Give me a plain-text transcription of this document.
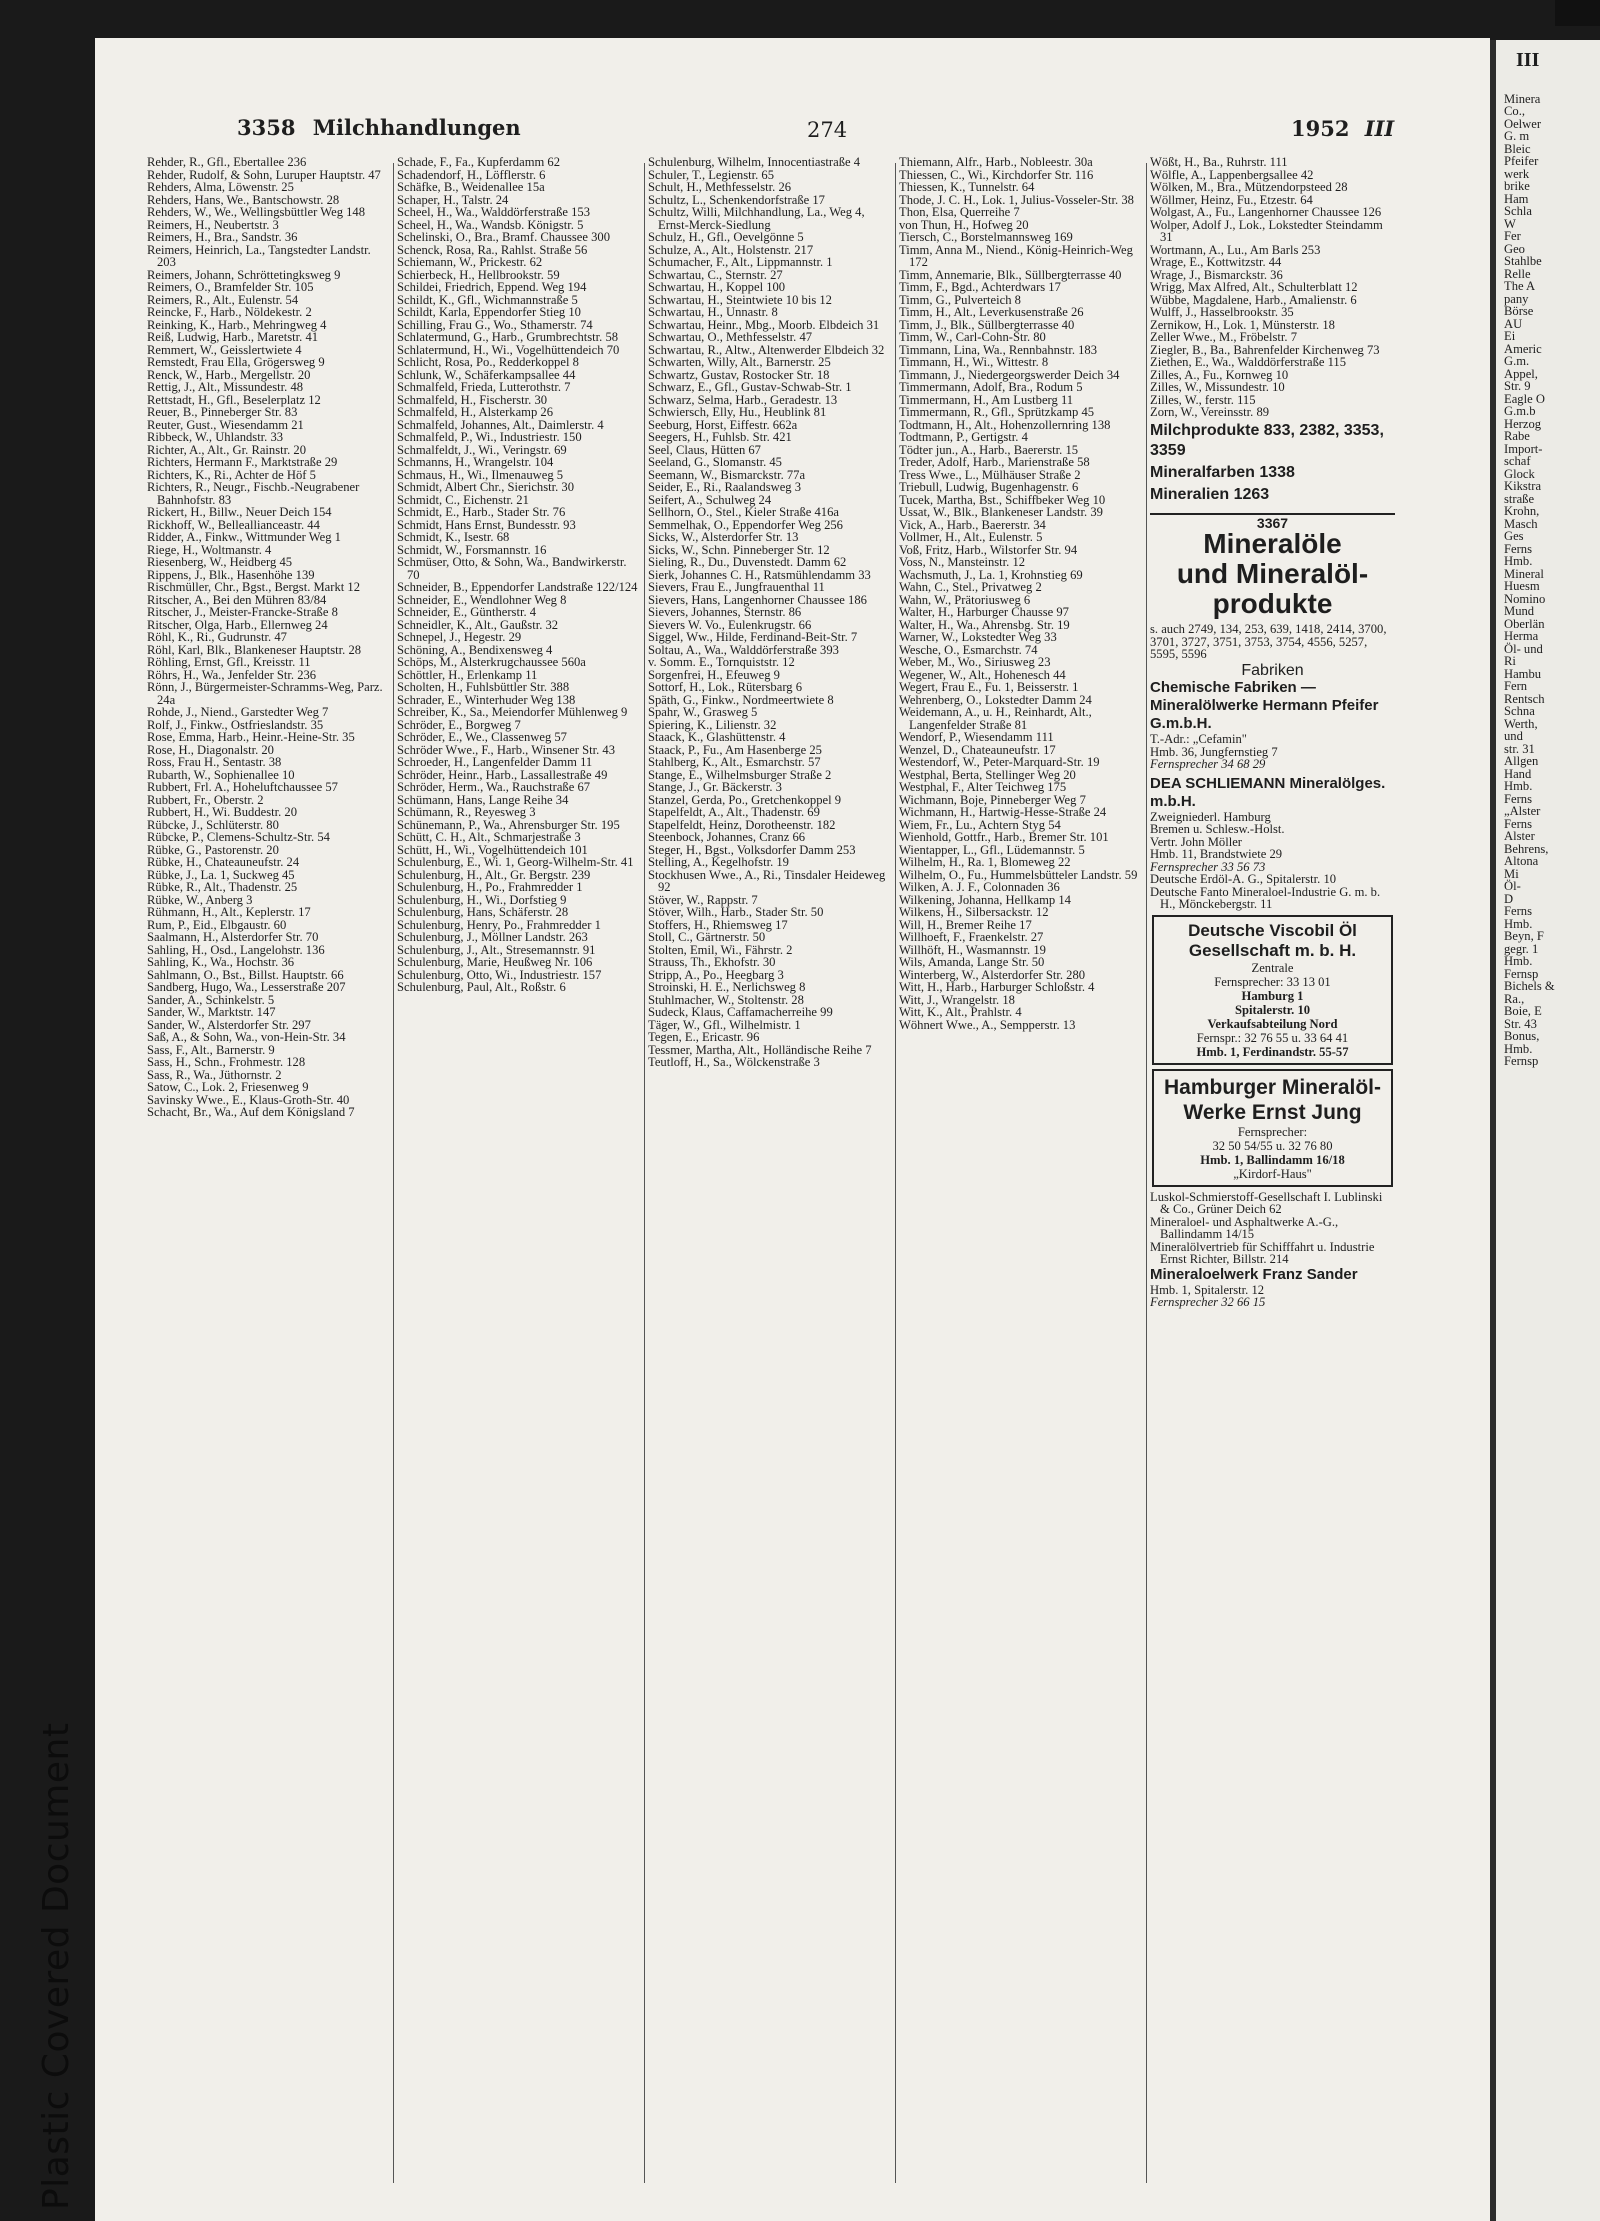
Plastic Covered Document
3358 Milchhandlungen	274	1952 III
Rehder, R., Gfl., Ebertallee 236
Rehder, Rudolf, & Sohn, Luruper Hauptstr. 47
Rehders, Alma, Löwenstr. 25
Rehders, Hans, We., Bantschowstr. 28
Rehders, W., We., Wellingsbüttler Weg 148
Reimers, H., Neubertstr. 3
Reimers, H., Bra., Sandstr. 36
Reimers, Heinrich, La., Tangstedter Landstr. 203
Reimers, Johann, Schröttetingksweg 9
Reimers, O., Bramfelder Str. 105
Reimers, R., Alt., Eulenstr. 54
Reincke, F., Harb., Nöldekestr. 2
Reinking, K., Harb., Mehringweg 4
Reiß, Ludwig, Harb., Maretstr. 41
Remmert, W., Geisslertwiete 4
Remstedt, Frau Ella, Grögersweg 9
Renck, W., Harb., Mergellstr. 20
Rettig, J., Alt., Missundestr. 48
Rettstadt, H., Gfl., Beselerplatz 12
Reuer, B., Pinneberger Str. 83
Reuter, Gust., Wiesendamm 21
Ribbeck, W., Uhlandstr. 33
Richter, A., Alt., Gr. Rainstr. 20
Richters, Hermann F., Marktstraße 29
Richters, K., Ri., Achter de Höf 5
Richters, R., Neugr., Fischb.-Neugrabener Bahnhofstr. 83
Rickert, H., Billw., Neuer Deich 154
Rickhoff, W., Belleallianceastr. 44
Ridder, A., Finkw., Wittmunder Weg 1
Riege, H., Woltmanstr. 4
Riesenberg, W., Heidberg 45
Rippens, J., Blk., Hasenhöhe 139
Rischmüller, Chr., Bgst., Bergst. Markt 12
Ritscher, A., Bei den Mühren 83/84
Ritscher, J., Meister-Francke-Straße 8
Ritscher, Olga, Harb., Ellernweg 24
Röhl, K., Ri., Gudrunstr. 47
Röhl, Karl, Blk., Blankeneser Hauptstr. 28
Röhling, Ernst, Gfl., Kreisstr. 11
Röhrs, H., Wa., Jenfelder Str. 236
Rönn, J., Bürgermeister-Schramms-Weg, Parz. 24a
Rohde, J., Niend., Garstedter Weg 7
Rolf, J., Finkw., Ostfrieslandstr. 35
Rose, Emma, Harb., Heinr.-Heine-Str. 35
Rose, H., Diagonalstr. 20
Ross, Frau H., Sentastr. 38
Rubarth, W., Sophienallee 10
Rubbert, Frl. A., Hoheluftchaussee 57
Rubbert, Fr., Oberstr. 2
Rubbert, H., Wi. Buddestr. 20
Rübcke, J., Schlüterstr. 80
Rübcke, P., Clemens-Schultz-Str. 54
Rübke, G., Pastorenstr. 20
Rübke, H., Chateauneufstr. 24
Rübke, J., La. 1, Suckweg 45
Rübke, R., Alt., Thadenstr. 25
Rübke, W., Anberg 3
Rühmann, H., Alt., Keplerstr. 17
Rum, P., Eid., Elbgaustr. 60
Saalmann, H., Alsterdorfer Str. 70
Sahling, H., Osd., Langelohstr. 136
Sahling, K., Wa., Hochstr. 36
Sahlmann, O., Bst., Billst. Hauptstr. 66
Sandberg, Hugo, Wa., Lesserstraße 207
Sander, A., Schinkelstr. 5
Sander, W., Marktstr. 147
Sander, W., Alsterdorfer Str. 297
Saß, A., & Sohn, Wa., von-Hein-Str. 34
Sass, F., Alt., Barnerstr. 9
Sass, H., Schn., Frohmestr. 128
Sass, R., Wa., Jüthornstr. 2
Satow, C., Lok. 2, Friesenweg 9
Savinsky Wwe., E., Klaus-Groth-Str. 40
Schacht, Br., Wa., Auf dem Königsland 7
Schade, F., Fa., Kupferdamm 62
Schadendorf, H., Löfflerstr. 6
Schäfke, B., Weidenallee 15a
Schaper, H., Talstr. 24
Scheel, H., Wa., Walddörferstraße 153
Scheel, H., Wa., Wandsb. Königstr. 5
Schelinski, O., Bra., Bramf. Chaussee 300
Schenck, Rosa, Ra., Rahlst. Straße 56
Schiemann, W., Prickestr. 62
Schierbeck, H., Hellbrookstr. 59
Schildei, Friedrich, Eppend. Weg 194
Schildt, K., Gfl., Wichmannstraße 5
Schildt, Karla, Eppendorfer Stieg 10
Schilling, Frau G., Wo., Sthamerstr. 74
Schlatermund, G., Harb., Grumbrechtstr. 58
Schlatermund, H., Wi., Vogelhüttendeich 70
Schlicht, Rosa, Po., Redderkoppel 8
Schlunk, W., Schäferkampsallee 44
Schmalfeld, Frieda, Lutterothstr. 7
Schmalfeld, H., Fischerstr. 30
Schmalfeld, H., Alsterkamp 26
Schmalfeld, Johannes, Alt., Daimlerstr. 4
Schmalfeld, P., Wi., Industriestr. 150
Schmalfeldt, J., Wi., Veringstr. 69
Schmanns, H., Wrangelstr. 104
Schmaus, H., Wi., Ilmenauweg 5
Schmidt, Albert Chr., Sierichstr. 30
Schmidt, C., Eichenstr. 21
Schmidt, E., Harb., Stader Str. 76
Schmidt, Hans Ernst, Bundesstr. 93
Schmidt, K., Isestr. 68
Schmidt, W., Forsmannstr. 16
Schmüser, Otto, & Sohn, Wa., Bandwirkerstr. 70
Schneider, B., Eppendorfer Landstraße 122/124
Schneider, E., Wendlohner Weg 8
Schneider, E., Güntherstr. 4
Schneidler, K., Alt., Gaußstr. 32
Schnepel, J., Hegestr. 29
Schöning, A., Bendixensweg 4
Schöps, M., Alsterkrugchaussee 560a
Schöttler, H., Erlenkamp 11
Scholten, H., Fuhlsbüttler Str. 388
Schrader, E., Winterhuder Weg 138
Schreiber, K., Sa., Meiendorfer Mühlenweg 9
Schröder, E., Borgweg 7
Schröder, E., We., Classenweg 57
Schröder Wwe., F., Harb., Winsener Str. 43
Schroeder, H., Langenfelder Damm 11
Schröder, Heinr., Harb., Lassallestraße 49
Schröder, Herm., Wa., Rauchstraße 67
Schümann, Hans, Lange Reihe 34
Schümann, R., Reyesweg 3
Schünemann, P., Wa., Ahrensburger Str. 195
Schütt, C. H., Alt., Schmarjestraße 3
Schütt, H., Wi., Vogelhüttendeich 101
Schulenburg, E., Wi. 1, Georg-Wilhelm-Str. 41
Schulenburg, H., Alt., Gr. Bergstr. 239
Schulenburg, H., Po., Frahmredder 1
Schulenburg, H., Wi., Dorfstieg 9
Schulenburg, Hans, Schäferstr. 28
Schulenburg, Henry, Po., Frahmredder 1
Schulenburg, J., Möllner Landstr. 263
Schulenburg, J., Alt., Stresemannstr. 91
Schulenburg, Marie, Heußweg Nr. 106
Schulenburg, Otto, Wi., Industriestr. 157
Schulenburg, Paul, Alt., Roßstr. 6
Schulenburg, Wilhelm, Innocentiastraße 4
Schuler, T., Legienstr. 65
Schult, H., Methfesselstr. 26
Schultz, L., Schenkendorfstraße 17
Schultz, Willi, Milchhandlung, La., Weg 4, Ernst-Merck-Siedlung
Schulz, H., Gfl., Oevelgönne 5
Schulze, A., Alt., Holstenstr. 217
Schumacher, F., Alt., Lippmannstr. 1
Schwartau, C., Sternstr. 27
Schwartau, H., Koppel 100
Schwartau, H., Steintwiete 10 bis 12
Schwartau, H., Unnastr. 8
Schwartau, Heinr., Mbg., Moorb. Elbdeich 31
Schwartau, O., Methfesselstr. 47
Schwartau, R., Altw., Altenwerder Elbdeich 32
Schwarten, Willy, Alt., Barnerstr. 25
Schwartz, Gustav, Rostocker Str. 18
Schwarz, E., Gfl., Gustav-Schwab-Str. 1
Schwarz, Selma, Harb., Geradestr. 13
Schwiersch, Elly, Hu., Heublink 81
Seeburg, Horst, Eiffestr. 662a
Seegers, H., Fuhlsb. Str. 421
Seel, Claus, Hütten 67
Seeland, G., Slomanstr. 45
Seemann, W., Bismarckstr. 77a
Seider, E., Ri., Raalandsweg 3
Seifert, A., Schulweg 24
Sellhorn, O., Stel., Kieler Straße 416a
Semmelhak, O., Eppendorfer Weg 256
Sicks, W., Alsterdorfer Str. 13
Sicks, W., Schn. Pinneberger Str. 12
Sieling, R., Du., Duvenstedt. Damm 62
Sierk, Johannes C. H., Ratsmühlendamm 33
Sievers, Frau E., Jungfrauenthal 11
Sievers, Hans, Langenhorner Chaussee 186
Sievers, Johannes, Sternstr. 86
Sievers W. Vo., Eulenkrugstr. 66
Siggel, Ww., Hilde, Ferdinand-Beit-Str. 7
Soltau, A., Wa., Walddörferstraße 393
v. Somm. E., Tornquiststr. 12
Sorgenfrei, H., Efeuweg 9
Sottorf, H., Lok., Rütersbarg 6
Späth, G., Finkw., Nordmeertwiete 8
Spahr, W., Grasweg 5
Spiering, K., Lilienstr. 32
Staack, K., Glashüttenstr. 4
Staack, P., Fu., Am Hasenberge 25
Stahlberg, K., Alt., Esmarchstr. 57
Stange, E., Wilhelmsburger Straße 2
Stange, J., Gr. Bäckerstr. 3
Stanzel, Gerda, Po., Gretchenkoppel 9
Stapelfeldt, A., Alt., Thadenstr. 69
Stapelfeldt, Heinz, Dorotheenstr. 182
Steenbock, Johannes, Cranz 66
Steger, H., Bgst., Volksdorfer Damm 253
Stelling, A., Kegelhofstr. 19
Stockhusen Wwe., A., Ri., Tinsdaler Heideweg 92
Stöver, W., Rappstr. 7
Stöver, Wilh., Harb., Stader Str. 50
Stoffers, H., Rhiemsweg 17
Stoll, C., Gärtnerstr. 50
Stolten, Emil, Wi., Fährstr. 2
Strauss, Th., Ekhofstr. 30
Stripp, A., Po., Heegbarg 3
Stroinski, H. E., Nerlichsweg 8
Stuhlmacher, W., Stoltenstr. 28
Sudeck, Klaus, Caffamacherreihe 99
Täger, W., Gfl., Wilhelmistr. 1
Tegen, E., Ericastr. 96
Tessmer, Martha, Alt., Holländische Reihe 7
Teutloff, H., Sa., Wölckenstraße 3
Thiemann, Alfr., Harb., Nobleestr. 30a
Thiessen, C., Wi., Kirchdorfer Str. 116
Thiessen, K., Tunnelstr. 64
Thode, J. C. H., Lok. 1, Julius-Vosseler-Str. 38
Thon, Elsa, Querreihe 7
von Thun, H., Hofweg 20
Tiersch, C., Borstelmannsweg 169
Timm, Anna M., Niend., König-Heinrich-Weg 172
Timm, Annemarie, Blk., Süllbergterrasse 40
Timm, F., Bgd., Achterdwars 17
Timm, G., Pulverteich 8
Timm, H., Alt., Leverkusenstraße 26
Timm, J., Blk., Süllbergterrasse 40
Timm, W., Carl-Cohn-Str. 80
Timmann, Lina, Wa., Rennbahnstr. 183
Timmann, H., Wi., Wittestr. 8
Timmann, J., Niedergeorgswerder Deich 34
Timmermann, Adolf, Bra., Rodum 5
Timmermann, H., Am Lustberg 11
Timmermann, R., Gfl., Sprützkamp 45
Todtmann, H., Alt., Hohenzollernring 138
Todtmann, P., Gertigstr. 4
Tödter jun., A., Harb., Baererstr. 15
Treder, Adolf, Harb., Marienstraße 58
Tress Wwe., L., Mülhäuser Straße 2
Triebull, Ludwig, Bugenhagenstr. 6
Tucek, Martha, Bst., Schiffbeker Weg 10
Ussat, W., Blk., Blankeneser Landstr. 39
Vick, A., Harb., Baererstr. 34
Vollmer, H., Alt., Eulenstr. 5
Voß, Fritz, Harb., Wilstorfer Str. 94
Voss, N., Mansteinstr. 12
Wachsmuth, J., La. 1, Krohnstieg 69
Wahn, C., Stel., Privatweg 2
Wahn, W., Prätoriusweg 6
Walter, H., Harburger Chausse 97
Walter, H., Wa., Ahrensbg. Str. 19
Warner, W., Lokstedter Weg 33
Wesche, O., Esmarchstr. 74
Weber, M., Wo., Siriusweg 23
Wegener, W., Alt., Hohenesch 44
Wegert, Frau E., Fu. 1, Beisserstr. 1
Wehrenberg, O., Lokstedter Damm 24
Weidemann, A., u. H., Reinhardt, Alt., Langenfelder Straße 81
Wendorf, P., Wiesendamm 111
Wenzel, D., Chateauneufstr. 17
Westendorf, W., Peter-Marquard-Str. 19
Westphal, Berta, Stellinger Weg 20
Westphal, F., Alter Teichweg 175
Wichmann, Boje, Pinneberger Weg 7
Wichmann, H., Hartwig-Hesse-Straße 24
Wiem, Fr., Lu., Achtern Styg 54
Wienhold, Gottfr., Harb., Bremer Str. 101
Wientapper, L., Gfl., Lüdemannstr. 5
Wilhelm, H., Ra. 1, Blomeweg 22
Wilhelm, O., Fu., Hummelsbütteler Landstr. 59
Wilken, A. J. F., Colonnaden 36
Wilkening, Johanna, Hellkamp 14
Wilkens, H., Silbersackstr. 12
Will, H., Bremer Reihe 17
Willhoeft, F., Fraenkelstr. 27
Willhöft, H., Wasmannstr. 19
Wils, Amanda, Lange Str. 50
Winterberg, W., Alsterdorfer Str. 280
Witt, H., Harb., Harburger Schloßstr. 4
Witt, J., Wrangelstr. 18
Witt, K., Alt., Prahlstr. 4
Wöhnert Wwe., A., Sempperstr. 13
Wößt, H., Ba., Ruhrstr. 111
Wölfle, A., Lappenbergsallee 42
Wölken, M., Bra., Mützendorpsteed 28
Wöllmer, Heinz, Fu., Etzestr. 64
Wolgast, A., Fu., Langenhorner Chaussee 126
Wolper, Adolf J., Lok., Lokstedter Steindamm 31
Wortmann, A., Lu., Am Barls 253
Wrage, E., Kottwitzstr. 44
Wrage, J., Bismarckstr. 36
Wrigg, Max Alfred, Alt., Schulterblatt 12
Wübbe, Magdalene, Harb., Amalienstr. 6
Wulff, J., Hasselbrookstr. 35
Zernikow, H., Lok. 1, Münsterstr. 18
Zeller Wwe., M., Fröbelstr. 7
Ziegler, B., Ba., Bahrenfelder Kirchenweg 73
Ziethen, E., Wa., Walddörferstraße 115
Zilles, A., Fu., Kornweg 10
Zilles, W., Missundestr. 10
Zilles, W., ferstr. 115
Zorn, W., Vereinsstr. 89
Milchprodukte 833, 2382, 3353, 3359
Mineralfarben 1338
Mineralien 1263
3367
Mineralöle
und Mineralöl-
produkte
s. auch 2749, 134, 253, 639, 1418, 2414, 3700, 3701, 3727, 3751, 3753, 3754, 4556, 5257, 5595, 5596
Fabriken
Chemische Fabriken — Mineralölwerke Hermann Pfeifer G.m.b.H.
T.-Adr.: „Cefamin"
Hmb. 36, Jungfernstieg 7
Fernsprecher 34 68 29
DEA SCHLIEMANN Mineralölges. m.b.H.
Zweigniederl. Hamburg
Bremen u. Schlesw.-Holst.
Vertr. John Möller
Hmb. 11, Brandstwiete 29
Fernsprecher 33 56 73
Deutsche Erdöl-A. G., Spitalerstr. 10
Deutsche Fanto Mineraloel-Industrie G. m. b. H., Mönckebergstr. 11
Deutsche Viscobil Öl Gesellschaft m. b. H.
Zentrale
Fernsprecher: 33 13 01
Hamburg 1
Spitalerstr. 10
Verkaufsabteilung Nord
Fernspr.: 32 76 55 u. 33 64 41
Hmb. 1, Ferdinandstr. 55-57
Hamburger Mineralöl-Werke Ernst Jung
Fernsprecher:
32 50 54/55 u. 32 76 80
Hmb. 1, Ballindamm 16/18
„Kirdorf-Haus"
Luskol-Schmierstoff-Gesellschaft I. Lublinski & Co., Grüner Deich 62
Mineraloel- und Asphaltwerke A.-G., Ballindamm 14/15
Mineralölvertrieb für Schifffahrt u. Industrie Ernst Richter, Billstr. 214
Mineraloelwerk Franz Sander
Hmb. 1, Spitalerstr. 12
Fernsprecher 32 66 15
III

Minera
Co.,
Oelwer
G. m
Bleic
Pfeifer
werk
brike
Ham
Schla
W
Fer
Geo
Stahlbe
Relle
The A
pany
Börse
AU
Ei
Americ
G.m.
Appel,
Str. 9
Eagle O
G.m.b
Herzog
Rabe
Import-
schaf
Glock
Kikstra
straße
Krohn,
Masch
Ges
Ferns
Hmb.
Mineral
Huesm
Nomino
Mund
Oberlän
Herma
Öl- und
Ri
Hambu
Fern
Rentsch
Schna
Werth,
und
str. 31
Allgen
Hand
Hmb.
Ferns
„Alster
Ferns
Alster
Behrens,
Altona
Mi
Öl-
D
Ferns
Hmb.
Beyn, F
gegr. 1
Hmb.
Fernsp
Bichels &
Ra.,
Boie, E
Str. 43
Bonus,
Hmb.
Fernsp
